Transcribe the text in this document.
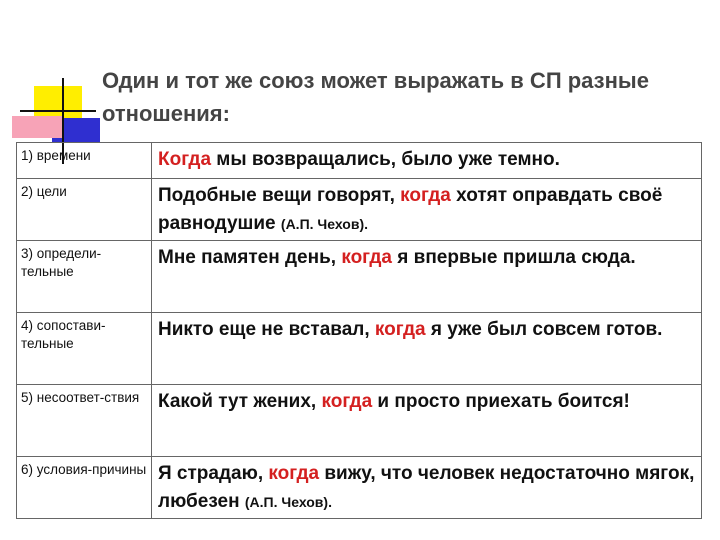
Один и тот же союз может выражать в СП разные отношения:
1) времени	Когда мы возвращались, было уже темно.
2) цели	Подобные вещи говорят, когда хотят оправдать своё равнодушие (А.П. Чехов).
3) определи-тельные	Мне памятен день, когда я впервые пришла сюда.
4) сопостави-тельные	Никто еще не вставал, когда я уже был совсем готов.
5) несоответ-ствия	Какой тут жених, когда и просто приехать боится!
6) условия-причины	Я страдаю, когда вижу, что человек недостаточно мягок, любезен (А.П. Чехов).
